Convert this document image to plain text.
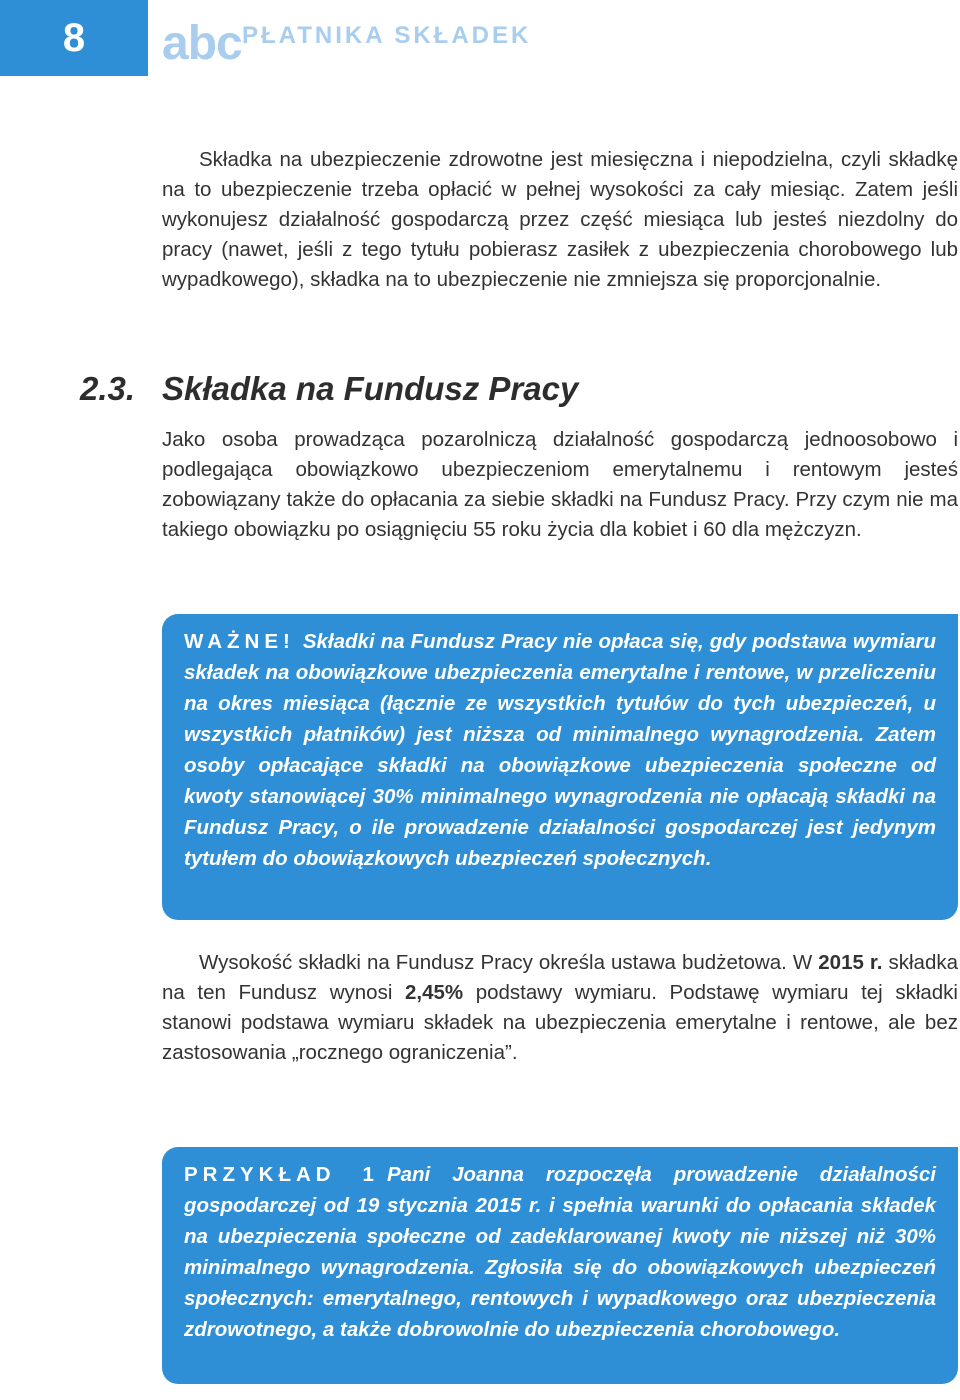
8	abc PŁATNIKA SKŁADEK

Składka na ubezpieczenie zdrowotne jest miesięczna i niepodzielna, czyli składkę na to ubezpieczenie trzeba opłacić w pełnej wysokości za cały miesiąc. Zatem jeśli wykonujesz działalność gospodarczą przez część miesiąca lub jesteś niezdolny do pracy (nawet, jeśli z tego tytułu pobierasz zasiłek z ubezpieczenia chorobowego lub wypadkowego), składka na to ubezpieczenie nie zmniejsza się proporcjonalnie.

2.3. Składka na Fundusz Pracy

Jako osoba prowadząca pozarolniczą działalność gospodarczą jednoosobowo i podlegająca obowiązkowo ubezpieczeniom emerytalnemu i rentowym jesteś zobowiązany także do opłacania za siebie składki na Fundusz Pracy. Przy czym nie ma takiego obowiązku po osiągnięciu 55 roku życia dla kobiet i 60 dla mężczyzn.

WAŻNE! Składki na Fundusz Pracy nie opłaca się, gdy podstawa wymiaru składek na obowiązkowe ubezpieczenia emerytalne i rentowe, w przeliczeniu na okres miesiąca (łącznie ze wszystkich tytułów do tych ubezpieczeń, u wszystkich płatników) jest niższa od minimalnego wynagrodzenia. Zatem osoby opłacające składki na obowiązkowe ubezpieczenia społeczne od kwoty stanowiącej 30% minimalnego wynagrodzenia nie opłacają składki na Fundusz Pracy, o ile prowadzenie działalności gospodarczej jest jedynym tytułem do obowiązkowych ubezpieczeń społecznych.

Wysokość składki na Fundusz Pracy określa ustawa budżetowa. W 2015 r. składka na ten Fundusz wynosi 2,45% podstawy wymiaru. Podstawę wymiaru tej składki stanowi podstawa wymiaru składek na ubezpieczenia emerytalne i rentowe, ale bez zastosowania „rocznego ograniczenia”.

PRZYKŁAD 1 Pani Joanna rozpoczęła prowadzenie działalności gospodarczej od 19 stycznia 2015 r. i spełnia warunki do opłacania składek na ubezpieczenia społeczne od zadeklarowanej kwoty nie niższej niż 30% minimalnego wynagrodzenia. Zgłosiła się do obowiązkowych ubezpieczeń społecznych: emerytalnego, rentowych i wypadkowego oraz ubezpieczenia zdrowotnego, a także dobrowolnie do ubezpieczenia chorobowego.
